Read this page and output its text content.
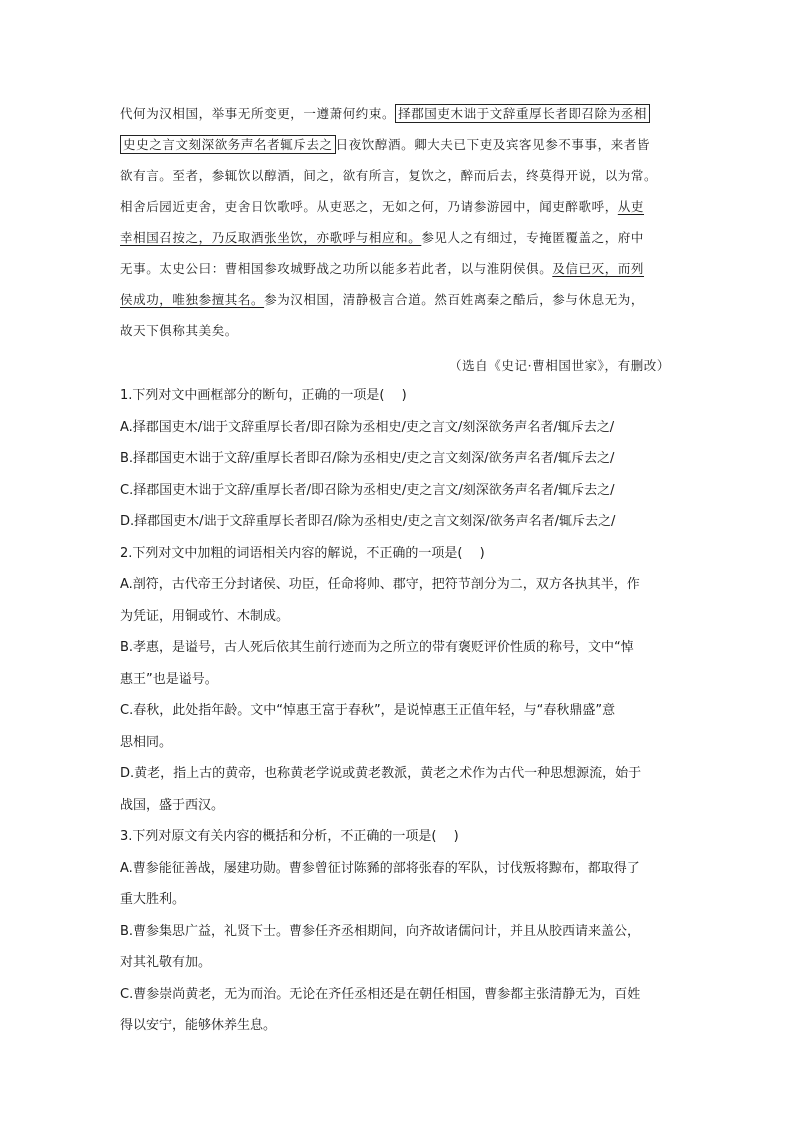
代何为汉相国，举事无所变更，一遵萧何约束。 择郡国吏木诎于文辞重厚长者即召除为丞相
史史之言文刻深欲务声名者辄斥去之 日夜饮醇酒。卿大夫已下吏及宾客见参不事事，来者皆
欲有言。至者，参辄饮以醇酒，间之，欲有所言，复饮之，醉而后去，终莫得开说，以为常。
相舍后园近吏舍，吏舍日饮歌呼。从吏恶之，无如之何，乃请参游园中，闻吏醉歌呼，从吏
幸相国召按之，乃反取酒张坐饮，亦歌呼与相应和。参见人之有细过，专掩匿覆盖之，府中
无事。太史公曰：曹相国参攻城野战之功所以能多若此者，以与淮阴侯俱。及信已灭，而列
侯成功，唯独参擅其名。参为汉相国，清静极言合道。然百姓离秦之酷后，参与休息无为，
故天下俱称其美矣。
（选自《史记·曹相国世家》，有删改）
1.下列对文中画框部分的断句，正确的一项是(　 )
A.择郡国吏木/诎于文辞重厚长者/即召除为丞相史/吏之言文/刻深欲务声名者/辄斥去之/
B.择郡国吏木诎于文辞/重厚长者即召/除为丞相史/吏之言文刻深/欲务声名者/辄斥去之/
C.择郡国吏木诎于文辞/重厚长者/即召除为丞相史/吏之言文/刻深欲务声名者/辄斥去之/
D.择郡国吏木/诎于文辞重厚长者即召/除为丞相史/吏之言文刻深/欲务声名者/辄斥去之/
2.下列对文中加粗的词语相关内容的解说，不正确的一项是(　 )
A.剖符，古代帝王分封诸侯、功臣，任命将帅、郡守，把符节剖分为二，双方各执其半，作
为凭证，用铜或竹、木制成。
B.孝惠，是谥号，古人死后依其生前行迹而为之所立的带有褒贬评价性质的称号，文中“悼
惠王”也是谥号。
C.春秋，此处指年龄。文中“悼惠王富于春秋”，是说悼惠王正值年轻，与“春秋鼎盛”意
思相同。
D.黄老，指上古的黄帝，也称黄老学说或黄老教派，黄老之术作为古代一种思想源流，始于
战国，盛于西汉。
3.下列对原文有关内容的概括和分析，不正确的一项是(　 )
A.曹参能征善战，屡建功勋。曹参曾征讨陈豨的部将张春的军队，讨伐叛将黥布，都取得了
重大胜利。
B.曹参集思广益，礼贤下士。曹参任齐丞相期间，向齐故诸儒问计，并且从胶西请来盖公，
对其礼敬有加。
C.曹参崇尚黄老，无为而治。无论在齐任丞相还是在朝任相国，曹参都主张清静无为，百姓
得以安宁，能够休养生息。
